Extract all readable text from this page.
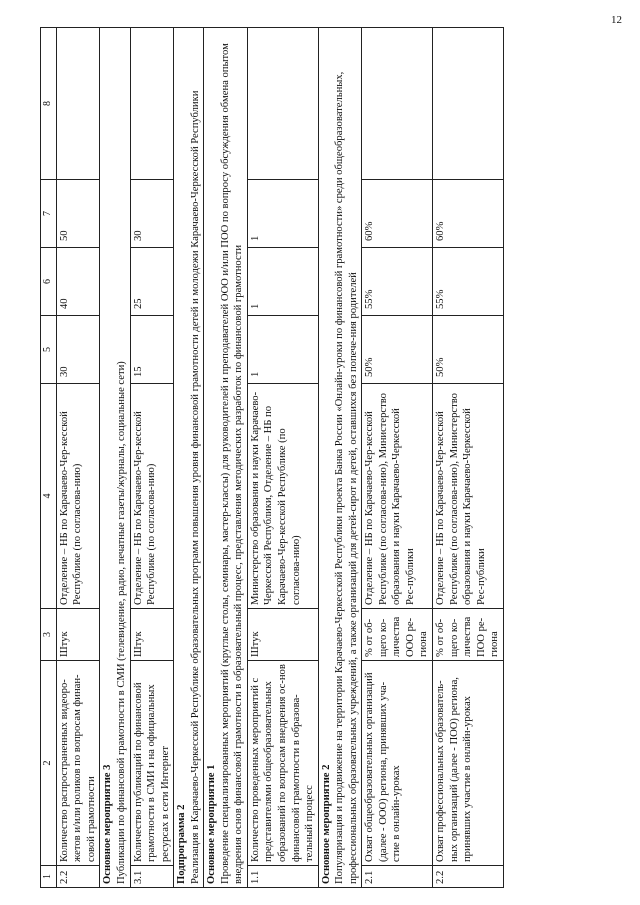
12
1	2	3	4	5	6	7	8
2.2	Количество распространенных видеоро-жетов и/или роликов по вопросам финан-совой грамотности	Штук	Отделение – НБ по Карачаево-Чер-кесской Республике (по согласова-нию)	30	40	50	

Основное мероприятие 3 Публикации по финансовой грамотности в СМИ (телевидение, радио, печатные газеты/журналы, социальные сети)							

3.1	Количество публикаций по финансовой грамотности в СМИ и на официальных ресурсах в сети Интернет	Штук	Отделение – НБ по Карачаево-Чер-кесской Республике (по согласова-нию)	15	25	30	

Подпрограмма 2 Реализация в Карачаево-Черкесской Республике образовательных программ повышения уровня финансовой грамотности детей и молодежи Карачаево-Черкесской Республики							

Основное мероприятие 1 Проведение специализированных мероприятий (круглые столы, семинары, мастер-классы) для руководителей и преподавателей ООО и/или ПОО по вопросу обсуждения обмена опытом внедрения основ финансовой грамотности в образовательный процесс, представления методических разработок по финансовой грамотности							

1.1	Количество проведенных мероприятий с представителями общеобразовательных образований по вопросам внедрения ос-нов финансовой грамотности в образова-тельный процесс	Штук	Министерство образования и науки Карачаево-Черкесской Республики, Отделение – НБ по Карачаево-Чер-кесской Республике (по согласова-нию)	1	1	1	

Основное мероприятие 2 Популяризация и продвижение на территории Карачаево-Черкесской Республики проекта Банка России «Онлайн-уроки по финансовой грамотности» среди общеобразовательных, профессиональных образовательных учреждений, а также организаций для детей-сирот и детей, оставшихся без попече-ния родителей							

2.1	Охват общеобразовательных организаций (далее - ООО) региона, принявших уча-стие в онлайн-уроках	% от об-щего ко-личества ООО ре-гиона	Отделение – НБ по Карачаево-Чер-кесской Республике (по согласова-нию), Министерство образования и науки Карачаево-Черкесской Рес-публики	50%	55%	60%	
2.2	Охват профессиональных образователь-ных организаций (далее - ПОО) региона, принявших участие в онлайн-уроках	% от об-щего ко-личества ПОО ре-гиона	Отделение – НБ по Карачаево-Чер-кесской Республике (по согласова-нию), Министерство образования и науки Карачаево-Черкесской Рес-публики	50%	55%	60%	
